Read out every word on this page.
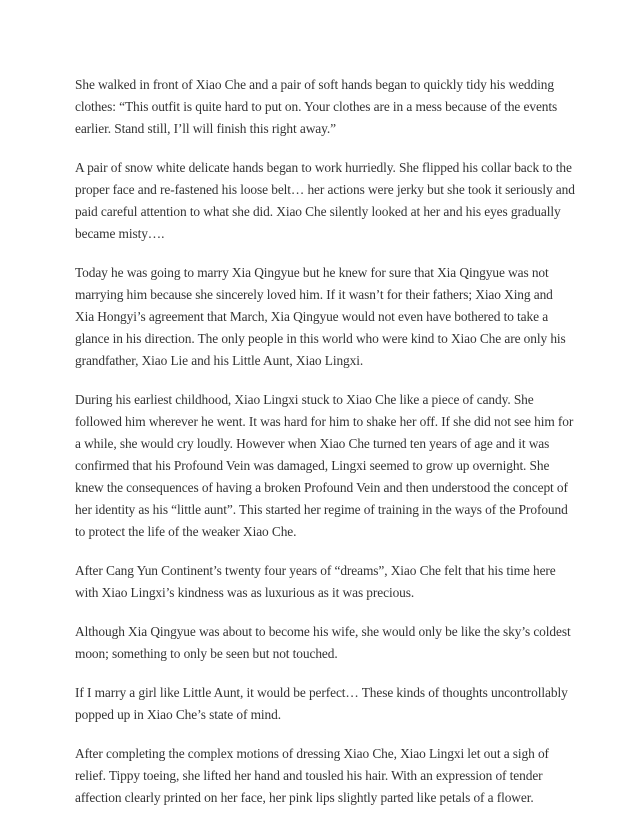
She walked in front of Xiao Che and a pair of soft hands began to quickly tidy his wedding clothes: “This outfit is quite hard to put on. Your clothes are in a mess because of the events earlier. Stand still, I’ll will finish this right away.”

A pair of snow white delicate hands began to work hurriedly. She flipped his collar back to the proper face and re-fastened his loose belt… her actions were jerky but she took it seriously and paid careful attention to what she did. Xiao Che silently looked at her and his eyes gradually became misty….

Today he was going to marry Xia Qingyue but he knew for sure that Xia Qingyue was not marrying him because she sincerely loved him. If it wasn’t for their fathers; Xiao Xing and Xia Hongyi’s agreement that March, Xia Qingyue would not even have bothered to take a glance in his direction. The only people in this world who were kind to Xiao Che are only his grandfather, Xiao Lie and his Little Aunt, Xiao Lingxi.

During his earliest childhood, Xiao Lingxi stuck to Xiao Che like a piece of candy. She followed him wherever he went. It was hard for him to shake her off. If she did not see him for a while, she would cry loudly. However when Xiao Che turned ten years of age and it was confirmed that his Profound Vein was damaged, Lingxi seemed to grow up overnight. She knew the consequences of having a broken Profound Vein and then understood the concept of her identity as his “little aunt”. This started her regime of training in the ways of the Profound to protect the life of the weaker Xiao Che.

After Cang Yun Continent’s twenty four years of “dreams”, Xiao Che felt that his time here with Xiao Lingxi’s kindness was as luxurious as it was precious.

Although Xia Qingyue was about to become his wife, she would only be like the sky’s coldest moon; something to only be seen but not touched.

If I marry a girl like Little Aunt, it would be perfect… These kinds of thoughts uncontrollably popped up in Xiao Che’s state of mind.

After completing the complex motions of dressing Xiao Che, Xiao Lingxi let out a sigh of relief. Tippy toeing, she lifted her hand and tousled his hair. With an expression of tender affection clearly printed on her face, her pink lips slightly parted like petals of a flower.
